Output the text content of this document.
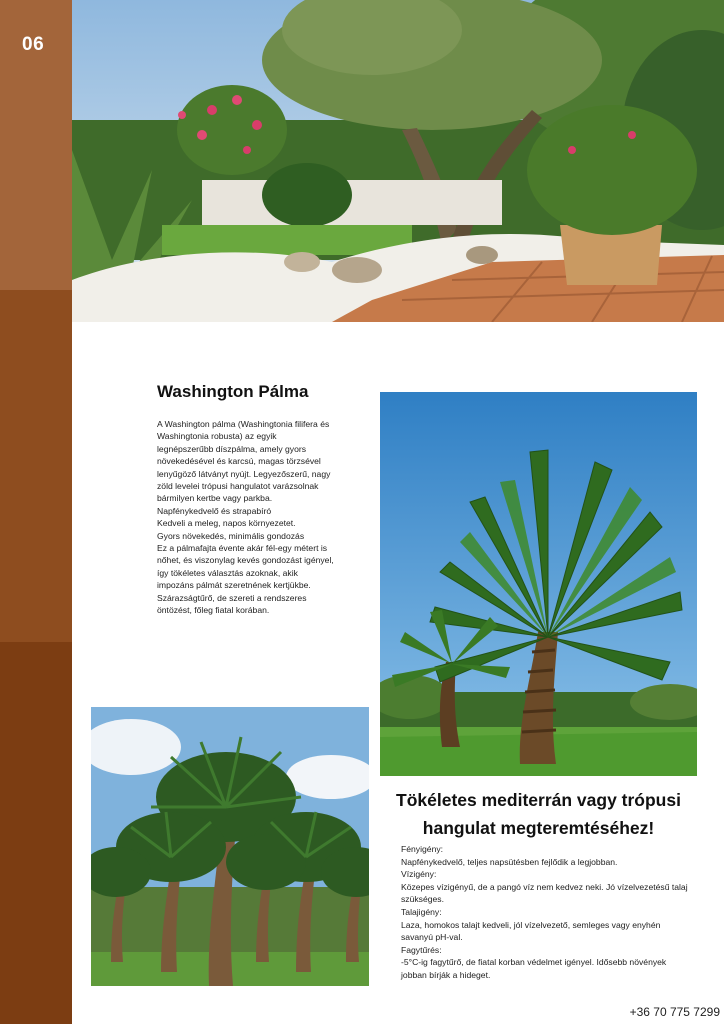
06
Washington Pálma

A Washington pálma (Washingtonia filifera és Washingtonia robusta) az egyik legnépszerűbb díszpálma, amely gyors növekedésével és karcsú, magas törzsével lenyűgöző látványt nyújt. Legyezőszerű, nagy zöld levelei trópusi hangulatot varázsolnak bármilyen kertbe vagy parkba.

Napfénykedvelő és strapabíró

Kedveli a meleg, napos környezetet.

Gyors növekedés, minimális gondozás

Ez a pálmafajta évente akár fél-egy métert is nőhet, és viszonylag kevés gondozást igényel, így tökéletes választás azoknak, akik impozáns pálmát szeretnének kertjükbe.

Szárazságtűrő, de szereti a rendszeres öntözést, főleg fiatal korában.

Tökéletes mediterrán vagy trópusi hangulat megteremtéséhez!

Fényigény:

Napfénykedvelő, teljes napsütésben fejlődik a legjobban.

Vízigény:

Közepes vízigényű, de a pangó víz nem kedvez neki. Jó vízelvezetésű talaj szükséges.

Talajigény:

Laza, homokos talajt kedveli, jól vízelvezető, semleges vagy enyhén savanyú pH-val.

Fagytűrés:

-5°C-ig fagytűrő, de fiatal korban védelmet igényel. Idősebb növények jobban bírják a hideget.

+36 70 775 7299
